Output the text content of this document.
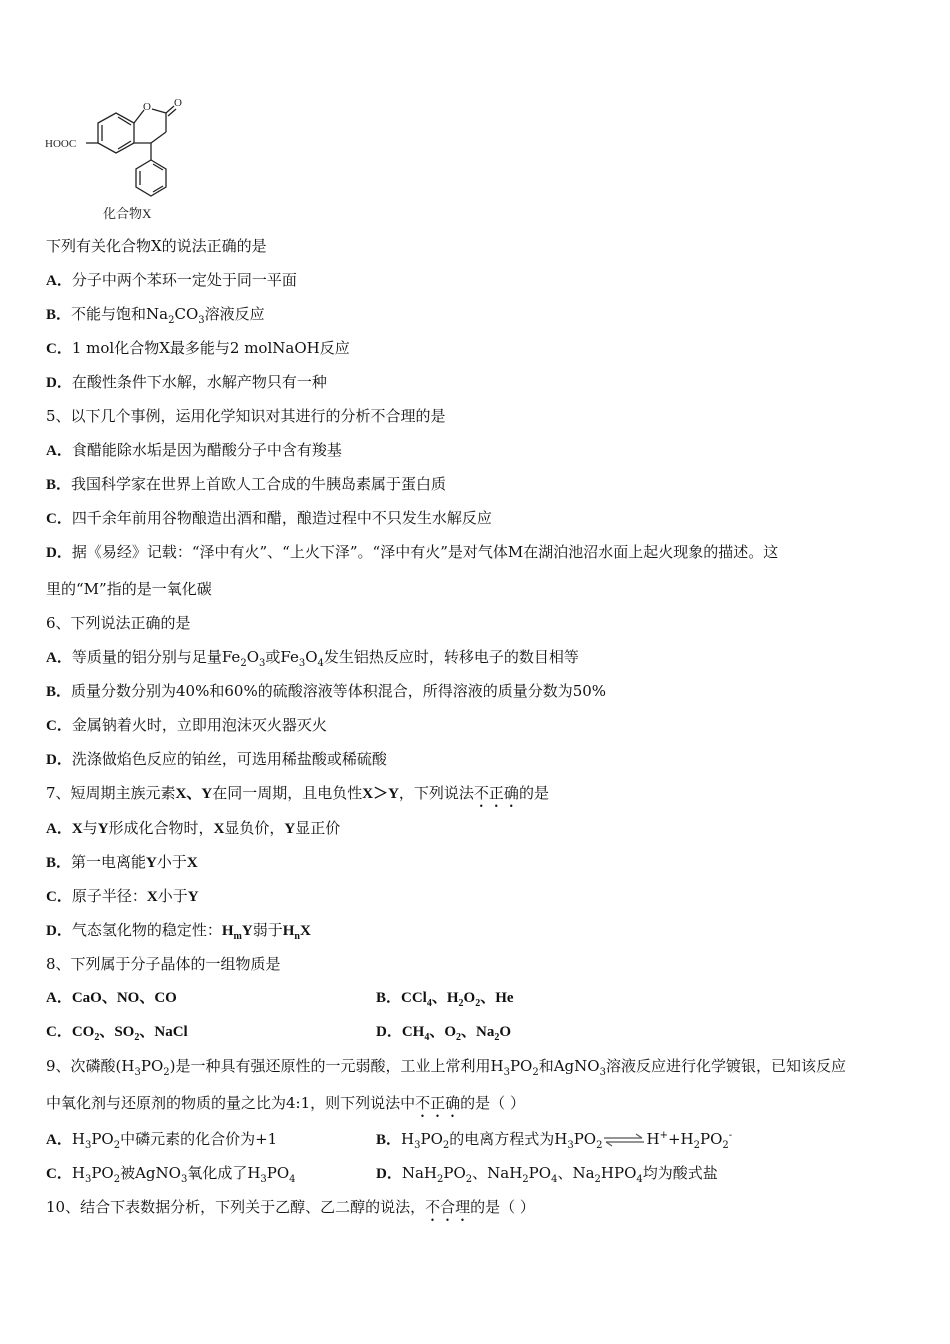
HOOC
O O
化合物X
下列有关化合物X的说法正确的是
A．分子中两个苯环一定处于同一平面
B．不能与饱和$Na_2CO_3$溶液反应
C．1 mol化合物X最多能与2 molNaOH反应
D．在酸性条件下水解，水解产物只有一种
5、以下几个事例，运用化学知识对其进行的分析不合理的是
A．食醋能除水垢是因为醋酸分子中含有羧基
B．我国科学家在世界上首欧人工合成的牛胰岛素属于蛋白质
C．四千余年前用谷物酿造出酒和醋，酿造过程中不只发生水解反应
D．据《易经》记载：“泽中有火”、“上火下泽”。“泽中有火”是对气体M在湖泊池沼水面上起火现象的描述。这
里的“M”指的是一氧化碳
6、下列说法正确的是
A．等质量的铝分别与足量$Fe_2O_3$或$Fe_3O_4$发生铝热反应时，转移电子的数目相等
B．质量分数分别为40%和60%的硫酸溶液等体积混合，所得溶液的质量分数为50%
C．金属钠着火时，立即用泡沫灭火器灭火
D．洗涤做焰色反应的铂丝，可选用稀盐酸或稀硫酸
7、短周期主族元素X、Y在同一周期，且电负性X＞Y，下列说法不正确的是
A．X与Y形成化合物时，X显负价，Y显正价
B．第一电离能Y小于X
C．原子半径：X小于Y
D．气态氢化物的稳定性：$H_mY$弱于$H_nX$
8、下列属于分子晶体的一组物质是
A．CaO、NO、CO	B．CCl$_4$、$H_2O_2$、He
C．$CO_2$、$SO_2$、NaCl	D．$CH_4$、$O_2$、$Na_2O$
9、次磷酸$(H_3PO_2)$是一种具有强还原性的一元弱酸，工业上常利用$H_3PO_2$和AgNO$_3$溶液反应进行化学镀银，已知该反应
中氧化剂与还原剂的物质的量之比为4:1，则下列说法中不正确的是（ ）
A．$H_3PO_2$中磷元素的化合价为+1	B．$H_3PO_2$的电离方程式为$H_3PO_2\rightleftharpoons H^++H_2PO_2^-$
C．$H_3PO_2$被AgNO$_3$氧化成了$H_3PO_4$	D．$NaH_2PO_2$、$NaH_2PO_4$、$Na_2HPO_4$均为酸式盐
10、结合下表数据分析，下列关于乙醇、乙二醇的说法，不合理的是（ ）
